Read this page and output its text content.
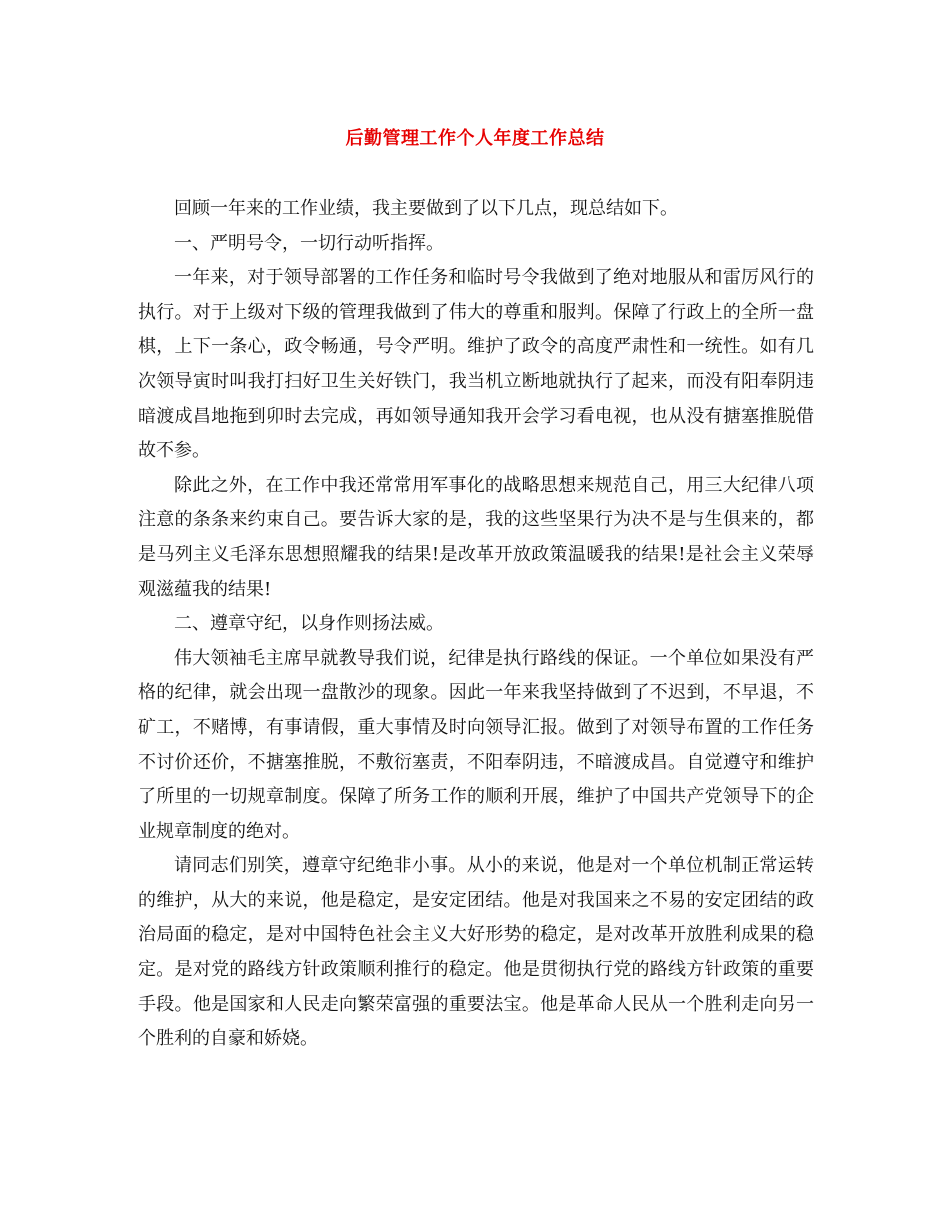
后勤管理工作个人年度工作总结

回顾一年来的工作业绩，我主要做到了以下几点，现总结如下。

一、严明号令，一切行动听指挥。

一年来，对于领导部署的工作任务和临时号令我做到了绝对地服从和雷厉风行的执行。对于上级对下级的管理我做到了伟大的尊重和服判。保障了行政上的全所一盘棋，上下一条心，政令畅通，号令严明。维护了政令的高度严肃性和一统性。如有几次领导寅时叫我打扫好卫生关好铁门，我当机立断地就执行了起来，而没有阳奉阴违暗渡成昌地拖到卯时去完成，再如领导通知我开会学习看电视，也从没有搪塞推脱借故不参。

除此之外，在工作中我还常常用军事化的战略思想来规范自己，用三大纪律八项注意的条条来约束自己。要告诉大家的是，我的这些坚果行为决不是与生俱来的，都是马列主义毛泽东思想照耀我的结果!是改革开放政策温暖我的结果!是社会主义荣辱观滋蕴我的结果!

二、遵章守纪，以身作则扬法威。

伟大领袖毛主席早就教导我们说，纪律是执行路线的保证。一个单位如果没有严格的纪律，就会出现一盘散沙的现象。因此一年来我坚持做到了不迟到，不早退，不矿工，不赌博，有事请假，重大事情及时向领导汇报。做到了对领导布置的工作任务不讨价还价，不搪塞推脱，不敷衍塞责，不阳奉阴违，不暗渡成昌。自觉遵守和维护了所里的一切规章制度。保障了所务工作的顺利开展，维护了中国共产党领导下的企业规章制度的绝对。

请同志们别笑，遵章守纪绝非小事。从小的来说，他是对一个单位机制正常运转的维护，从大的来说，他是稳定，是安定团结。他是对我国来之不易的安定团结的政治局面的稳定，是对中国特色社会主义大好形势的稳定，是对改革开放胜利成果的稳定。是对党的路线方针政策顺利推行的稳定。他是贯彻执行党的路线方针政策的重要手段。他是国家和人民走向繁荣富强的重要法宝。他是革命人民从一个胜利走向另一个胜利的自豪和娇娆。
